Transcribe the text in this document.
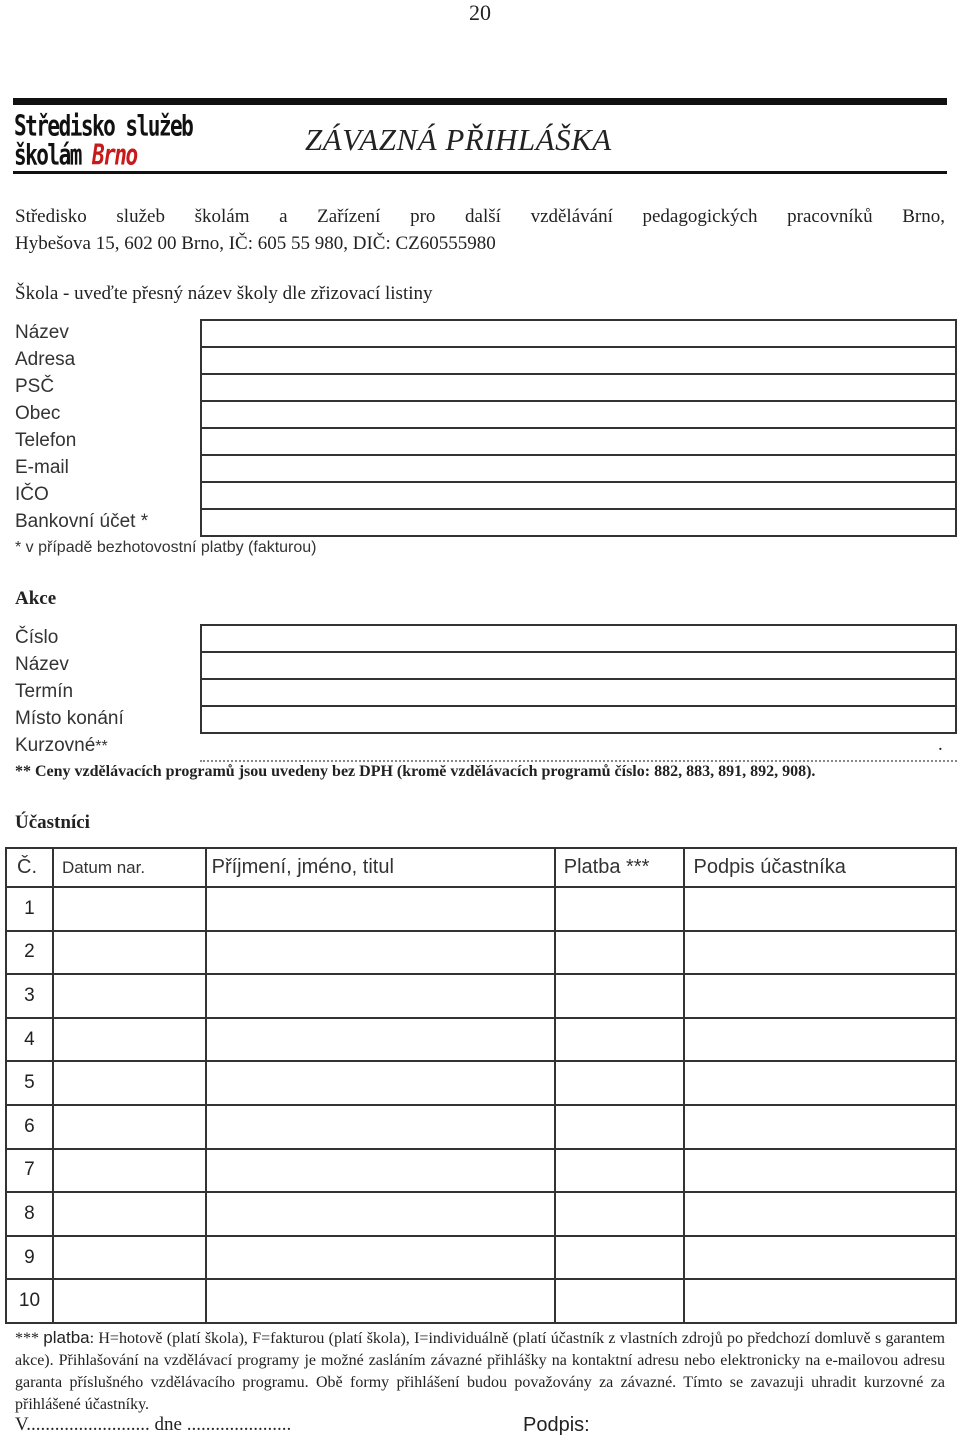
20
Středisko služeb
školám Brno	ZÁVAZNÁ PŘIHLÁŠKA
Středisko služeb školám a Zařízení pro další vzdělávání pedagogických pracovníků Brno,
Hybešova 15, 602 00 Brno, IČ: 605 55 980, DIČ: CZ60555980
Škola - uveďte přesný název školy dle zřizovací listiny

Název
Adresa
PSČ
Obec
Telefon
E-mail
IČO
Bankovní účet *
* v případě bezhotovostní platby (fakturou)
Akce

Číslo
Název
Termín
Místo konání
Kurzovné**	.
** Ceny vzdělávacích programů jsou uvedeny bez DPH (kromě vzdělávacích programů číslo: 882, 883, 891, 892, 908).
Účastníci
Č.	Datum nar.	Příjmení, jméno, titul	Platba ***	Podpis účastníka
1				
2				
3				
4				
5				
6				
7				
8				
9				
10				
*** platba: H=hotově (platí škola), F=fakturou (platí škola), I=individuálně (platí účastník z vlastních zdrojů po předchozí domluvě s garantem akce). Přihlašování na vzdělávací programy je možné zasláním závazné přihlášky na kontaktní adresu nebo elektronicky na e-mailovou adresu garanta příslušného vzdělávacího programu. Obě formy přihlášení budou považovány za závazné. Tímto se zavazuji uhradit kurzovné za přihlášené účastníky.
V.......................... dne ......................	Podpis:
